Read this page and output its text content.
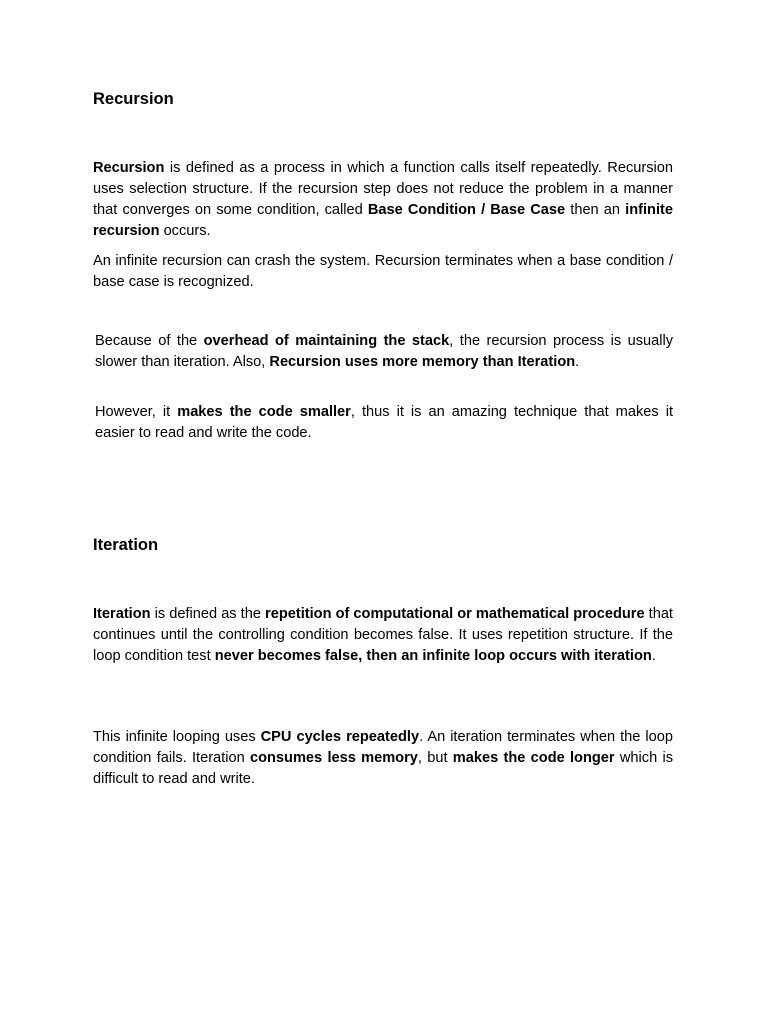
Recursion

Recursion is defined as a process in which a function calls itself repeatedly. Recursion uses selection structure. If the recursion step does not reduce the problem in a manner that converges on some condition, called Base Condition / Base Case then an infinite recursion occurs.

An infinite recursion can crash the system. Recursion terminates when a base condition / base case is recognized.

Because of the overhead of maintaining the stack, the recursion process is usually slower than iteration. Also, Recursion uses more memory than Iteration.

However, it makes the code smaller, thus it is an amazing technique that makes it easier to read and write the code.

Iteration

Iteration is defined as the repetition of computational or mathematical procedure that continues until the controlling condition becomes false. It uses repetition structure. If the loop condition test never becomes false, then an infinite loop occurs with iteration.

This infinite looping uses CPU cycles repeatedly. An iteration terminates when the loop condition fails. Iteration consumes less memory, but makes the code longer which is difficult to read and write.
